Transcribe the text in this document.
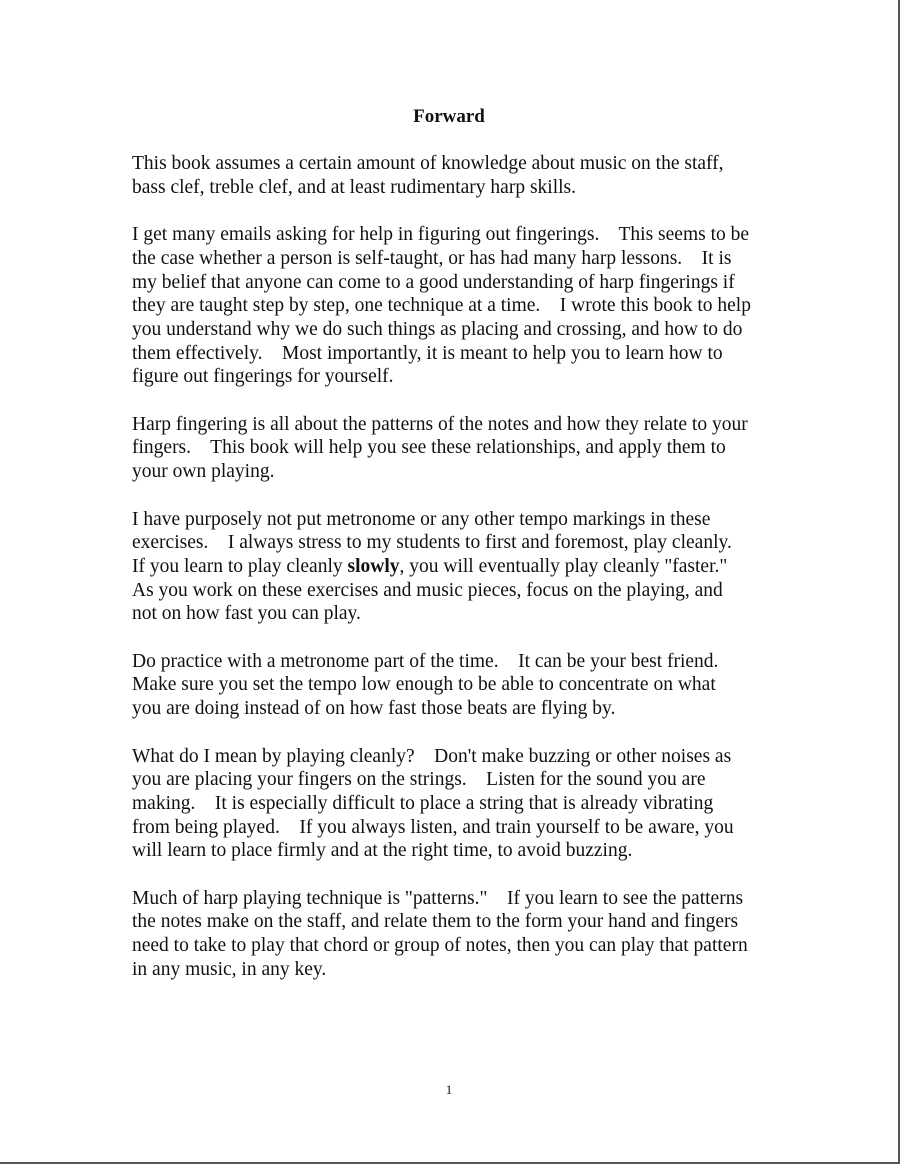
Forward
This book assumes a certain amount of knowledge about music on the staff,
bass clef, treble clef, and at least rudimentary harp skills.
I get many emails asking for help in figuring out fingerings.    This seems to be
the case whether a person is self-taught, or has had many harp lessons.    It is
my belief that anyone can come to a good understanding of harp fingerings if
they are taught step by step, one technique at a time.    I wrote this book to help
you understand why we do such things as placing and crossing, and how to do
them effectively.    Most importantly, it is meant to help you to learn how to
figure out fingerings for yourself.
Harp fingering is all about the patterns of the notes and how they relate to your
fingers.    This book will help you see these relationships, and apply them to
your own playing.
I have purposely not put metronome or any other tempo markings in these
exercises.    I always stress to my students to first and foremost, play cleanly.
If you learn to play cleanly slowly, you will eventually play cleanly "faster."
As you work on these exercises and music pieces, focus on the playing, and
not on how fast you can play.
Do practice with a metronome part of the time.    It can be your best friend.
Make sure you set the tempo low enough to be able to concentrate on what
you are doing instead of on how fast those beats are flying by.
What do I mean by playing cleanly?    Don't make buzzing or other noises as
you are placing your fingers on the strings.    Listen for the sound you are
making.    It is especially difficult to place a string that is already vibrating
from being played.    If you always listen, and train yourself to be aware, you
will learn to place firmly and at the right time, to avoid buzzing.
Much of harp playing technique is "patterns."    If you learn to see the patterns
the notes make on the staff, and relate them to the form your hand and fingers
need to take to play that chord or group of notes, then you can play that pattern
in any music, in any key.
1
